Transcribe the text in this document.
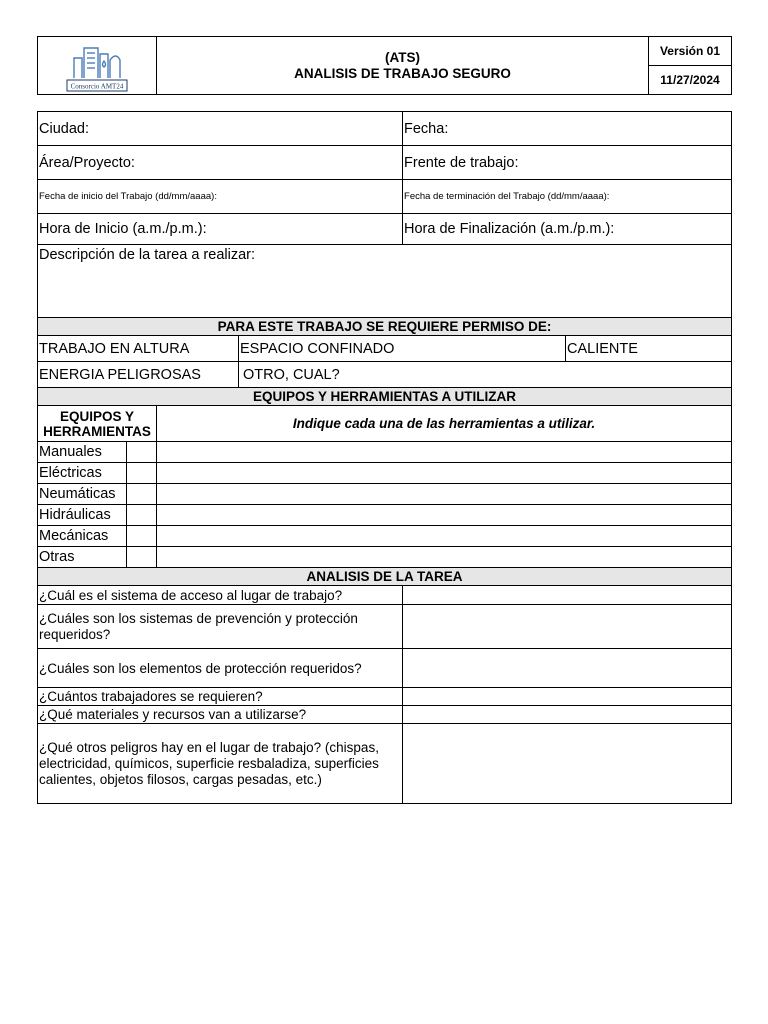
Consorcio AMT24

(ATS)
ANALISIS DE TRABAJO SEGURO
	Versión 01
11/27/2024
Ciudad:				Fecha:	
Área/Proyecto:				Frente de trabajo:	
Fecha de inicio del Trabajo (dd/mm/aaaa):				Fecha de terminación del Trabajo (dd/mm/aaaa):	
Hora de Inicio (a.m./p.m.):				Hora de Finalización (a.m./p.m.):	
Descripción de la tarea a realizar:					
PARA ESTE TRABAJO SE REQUIERE PERMISO DE:					
TRABAJO EN ALTURA			ESPACIO CONFINADO		CALIENTE
ENERGIA PELIGROSAS			OTRO, CUAL?		
EQUIPOS Y HERRAMIENTAS A UTILIZAR					

EQUIPOS Y
HERRAMIENTAS		Indique cada una de las herramientas a utilizar.			
Manuales					
Eléctricas					
Neumáticas					
Hidráulicas					
Mecánicas					
Otras					
ANALISIS DE LA TAREA					
¿Cuál es el sistema de acceso al lugar de trabajo?					
¿Cuáles son los sistemas de prevención y protección requeridos?					
¿Cuáles son los elementos de protección requeridos?					
¿Cuántos trabajadores se requieren?					
¿Qué materiales y recursos van a utilizarse?					
¿Qué otros peligros hay en el lugar de trabajo? (chispas, electricidad, químicos, superficie resbaladiza, superficies calientes, objetos filosos, cargas pesadas, etc.)					
